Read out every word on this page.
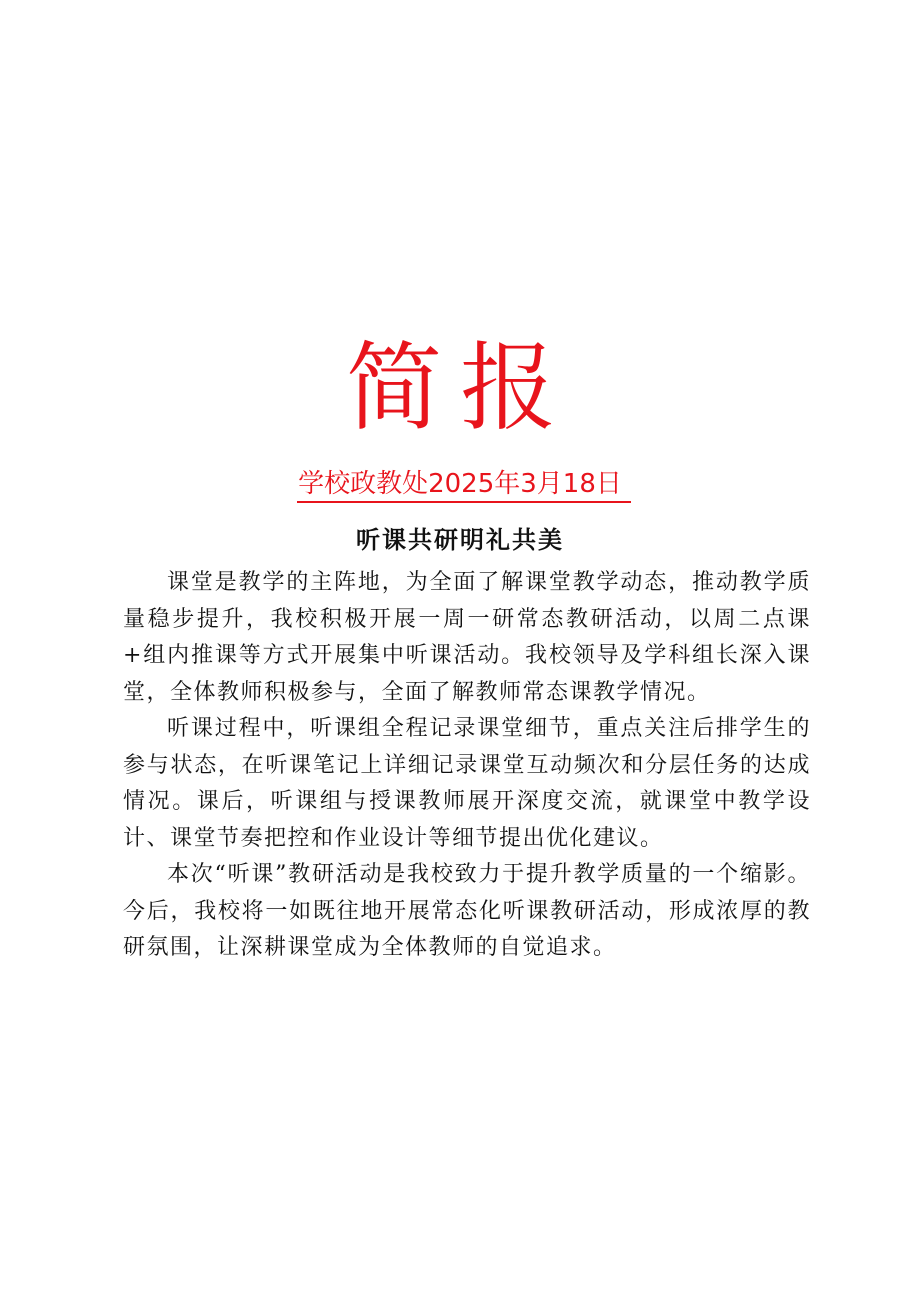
简报
学校政教处2025年3月18日
听课共研明礼共美

课堂是教学的主阵地，为全面了解课堂教学动态，推动教学质量稳步提升，我校积极开展一周一研常态教研活动，以周二点课+组内推课等方式开展集中听课活动。我校领导及学科组长深入课堂，全体教师积极参与，全面了解教师常态课教学情况。

听课过程中，听课组全程记录课堂细节，重点关注后排学生的参与状态，在听课笔记上详细记录课堂互动频次和分层任务的达成情况。课后，听课组与授课教师展开深度交流，就课堂中教学设计、课堂节奏把控和作业设计等细节提出优化建议。

本次“听课”教研活动是我校致力于提升教学质量的一个缩影。今后，我校将一如既往地开展常态化听课教研活动，形成浓厚的教研氛围，让深耕课堂成为全体教师的自觉追求。
